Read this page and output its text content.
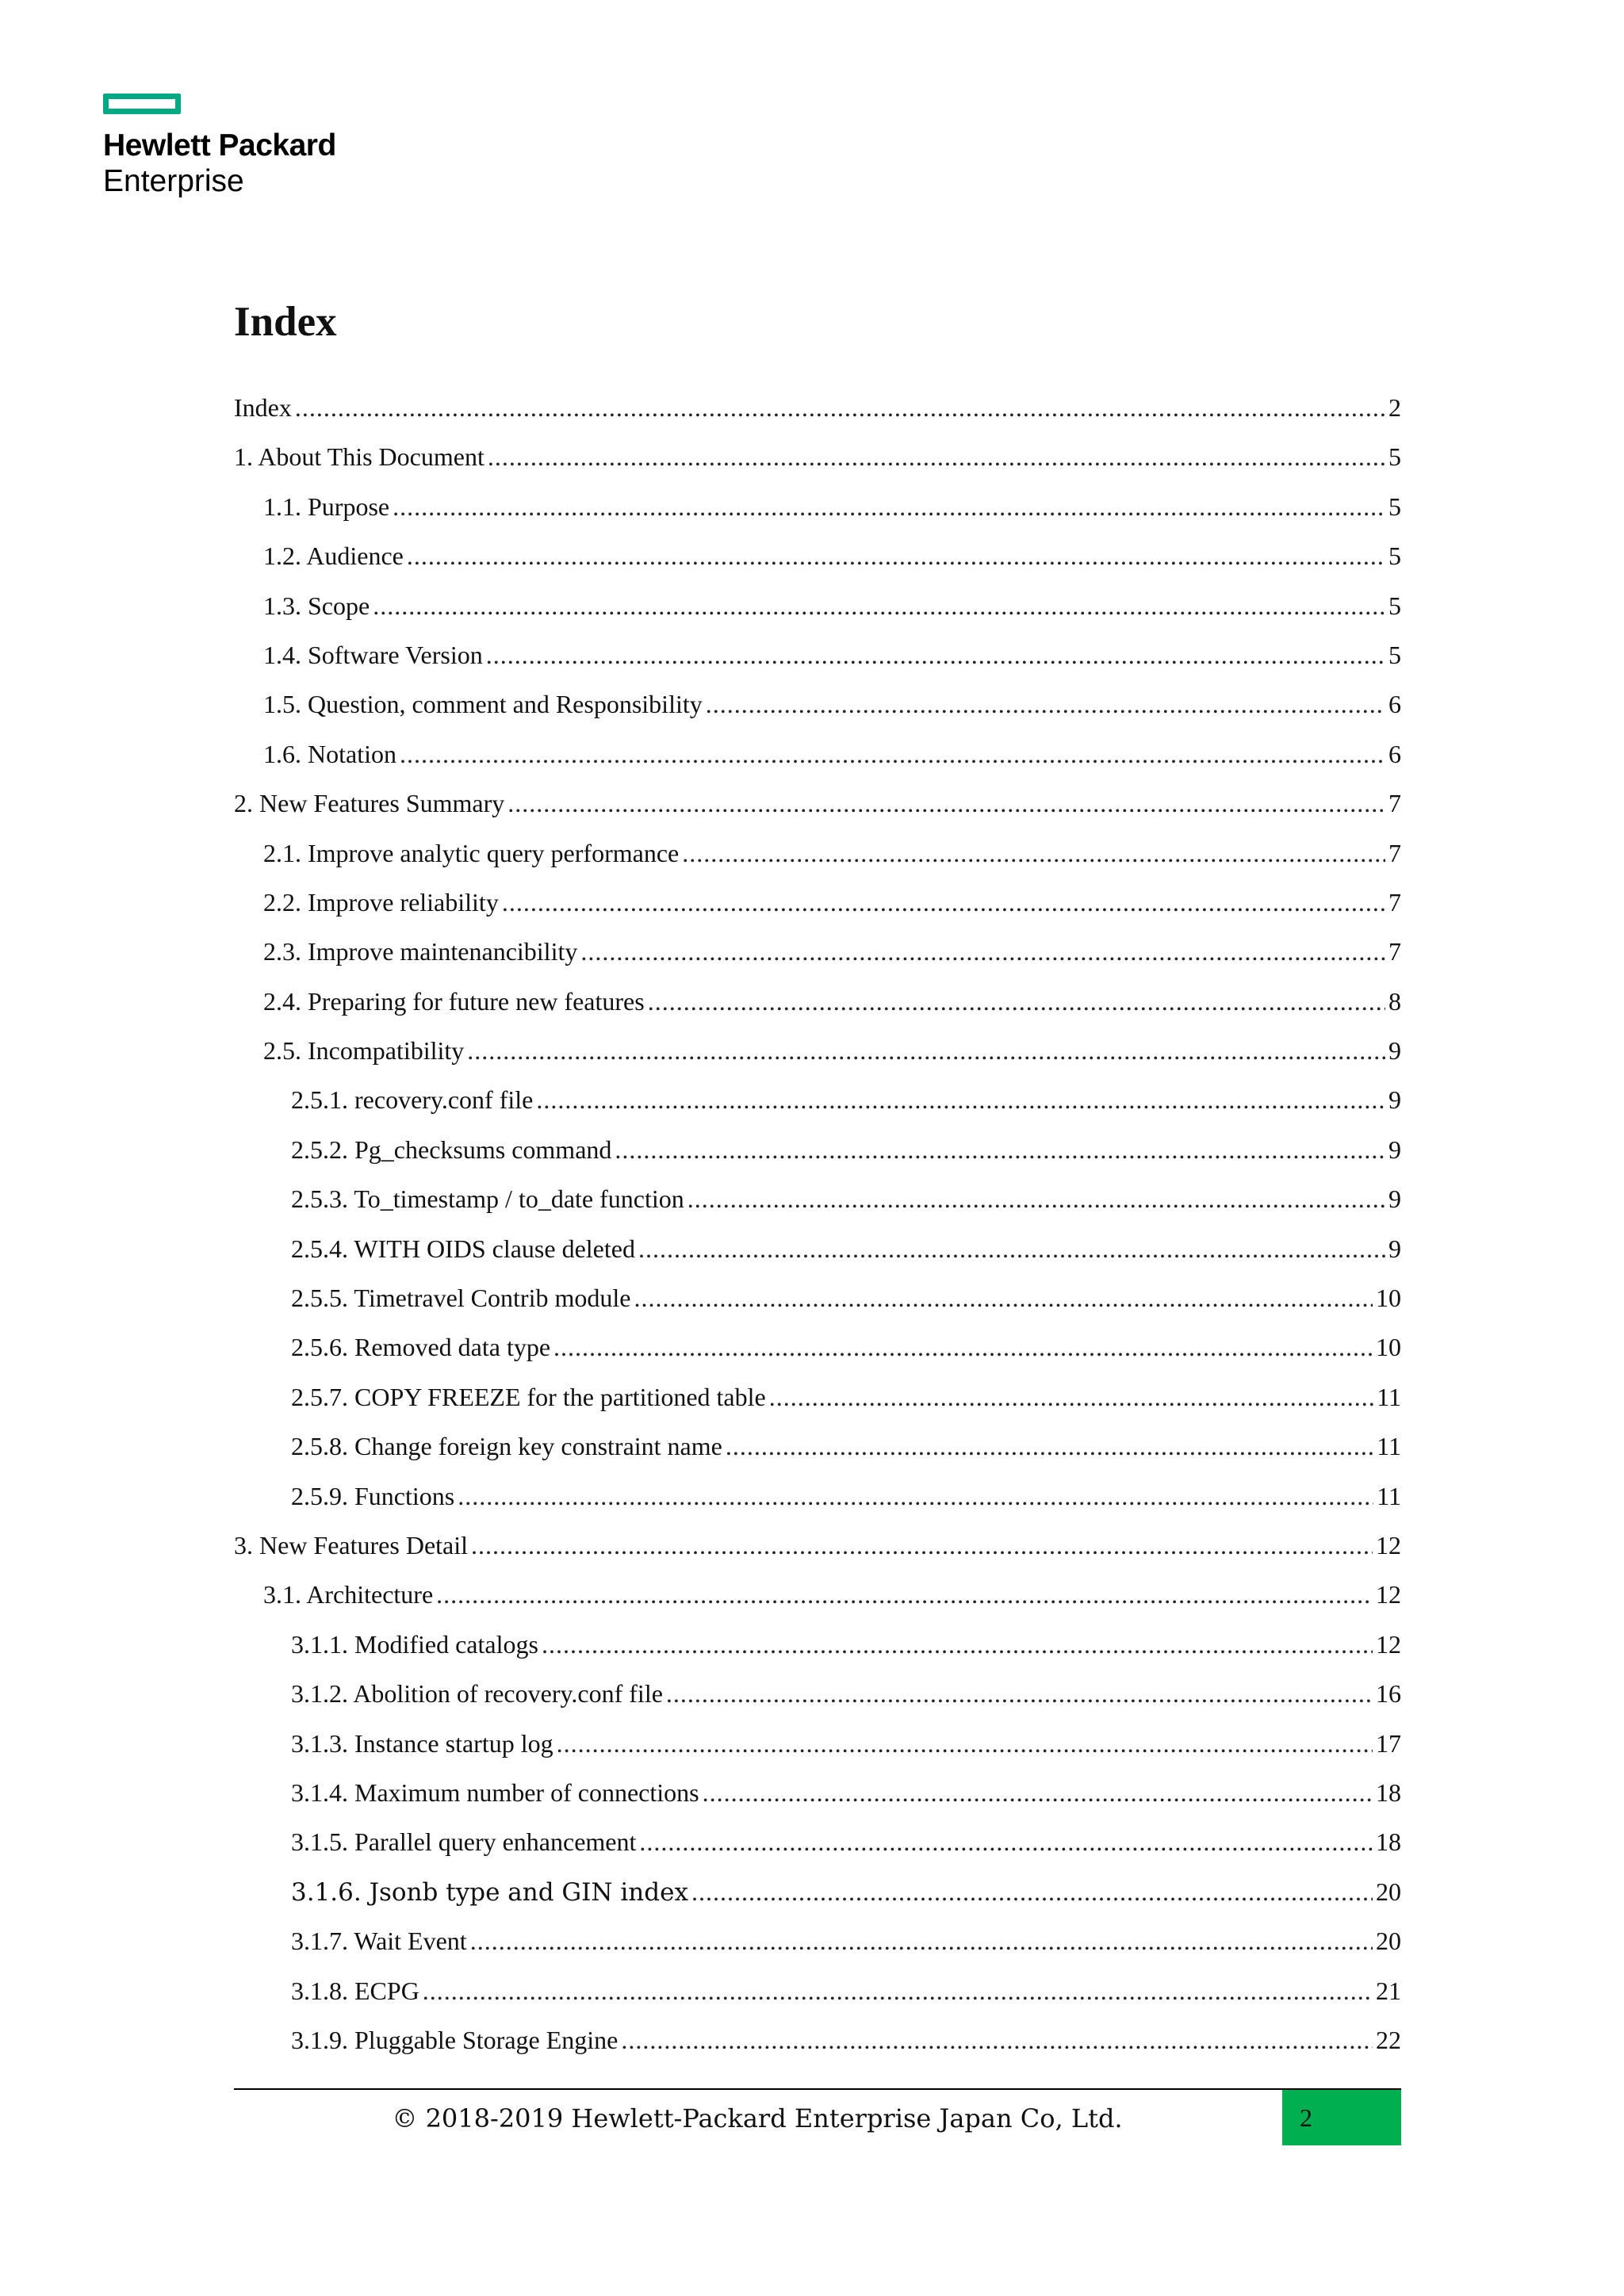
Hewlett Packard
Enterprise
Index
Index .....	2
1. About This Document .....	5
1.1. Purpose .....	5
1.2. Audience .....	5
1.3. Scope .....	5
1.4. Software Version .....	5
1.5. Question, comment and Responsibility .....	6
1.6. Notation .....	6
2. New Features Summary .....	7
2.1. Improve analytic query performance .....	7
2.2. Improve reliability .....	7
2.3. Improve maintenancibility .....	7
2.4. Preparing for future new features .....	8
2.5. Incompatibility .....	9
2.5.1. recovery.conf file .....	9
2.5.2. Pg_checksums command .....	9
2.5.3. To_timestamp / to_date function .....	9
2.5.4. WITH OIDS clause deleted .....	9
2.5.5. Timetravel Contrib module .....	10
2.5.6. Removed data type .....	10
2.5.7. COPY FREEZE for the partitioned table .....	11
2.5.8. Change foreign key constraint name .....	11
2.5.9. Functions .....	11
3. New Features Detail .....	12
3.1. Architecture .....	12
3.1.1. Modified catalogs .....	12
3.1.2. Abolition of recovery.conf file .....	16
3.1.3. Instance startup log .....	17
3.1.4. Maximum number of connections .....	18
3.1.5. Parallel query enhancement .....	18
3.1.6. Jsonb type and GIN index .....	20
3.1.7. Wait Event .....	20
3.1.8. ECPG .....	21
3.1.9. Pluggable Storage Engine .....	22
© 2018-2019 Hewlett-Packard Enterprise Japan Co, Ltd.	2
